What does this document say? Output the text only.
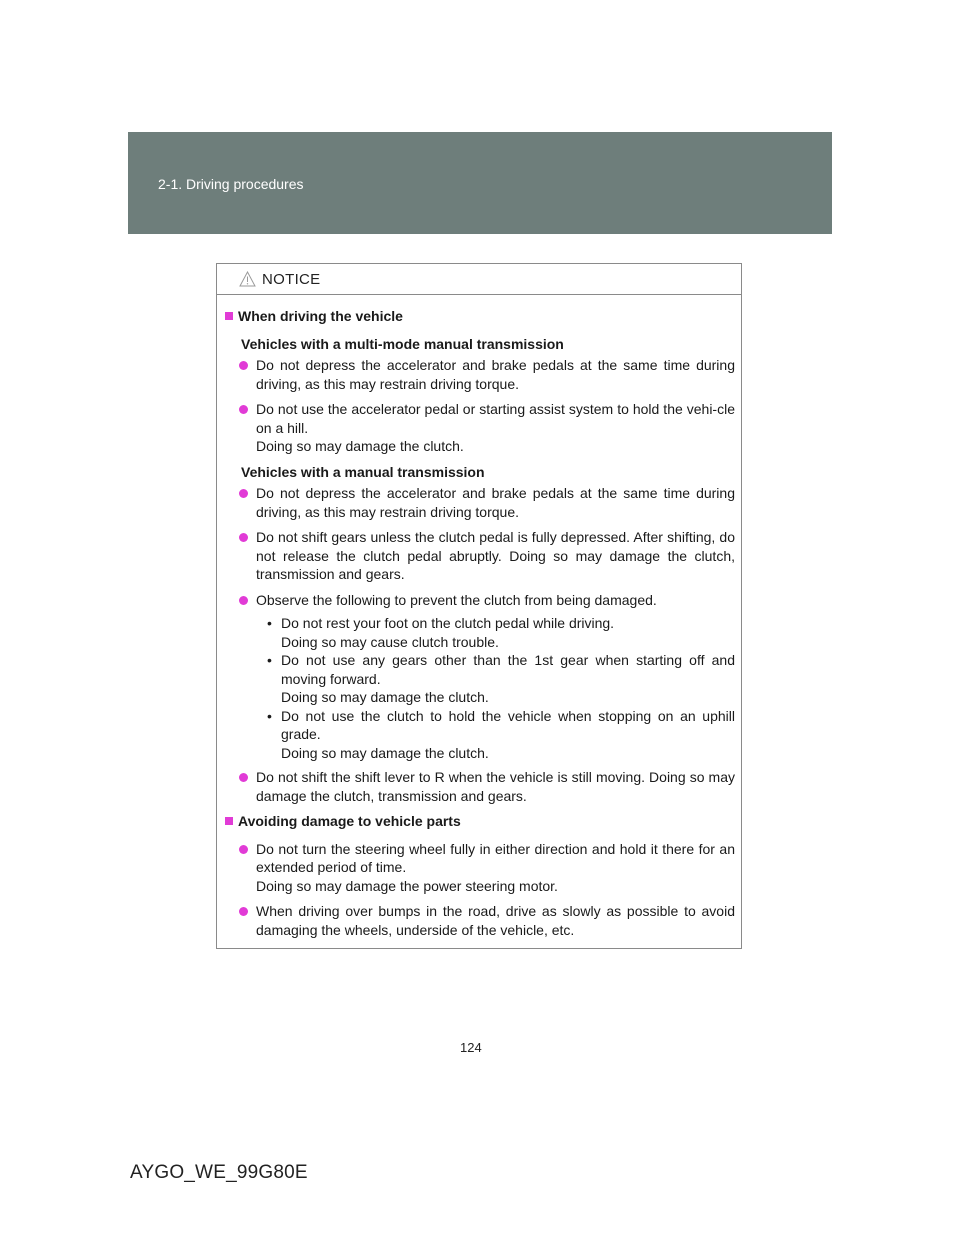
2-1. Driving procedures
NOTICE
When driving the vehicle
Vehicles with a multi-mode manual transmission
Do not depress the accelerator and brake pedals at the same time during driving, as this may restrain driving torque.
Do not use the accelerator pedal or starting assist system to hold the vehi-cle on a hill.
Doing so may damage the clutch.
Vehicles with a manual transmission
Do not depress the accelerator and brake pedals at the same time during driving, as this may restrain driving torque.
Do not shift gears unless the clutch pedal is fully depressed. After shifting, do not release the clutch pedal abruptly. Doing so may damage the clutch, transmission and gears.
Observe the following to prevent the clutch from being damaged.
• Do not rest your foot on the clutch pedal while driving.
Doing so may cause clutch trouble.
• Do not use any gears other than the 1st gear when starting off and moving forward.
Doing so may damage the clutch.
• Do not use the clutch to hold the vehicle when stopping on an uphill grade.
Doing so may damage the clutch.
Do not shift the shift lever to R when the vehicle is still moving. Doing so may damage the clutch, transmission and gears.
Avoiding damage to vehicle parts
Do not turn the steering wheel fully in either direction and hold it there for an extended period of time.
Doing so may damage the power steering motor.
When driving over bumps in the road, drive as slowly as possible to avoid damaging the wheels, underside of the vehicle, etc.
124
AYGO_WE_99G80E
